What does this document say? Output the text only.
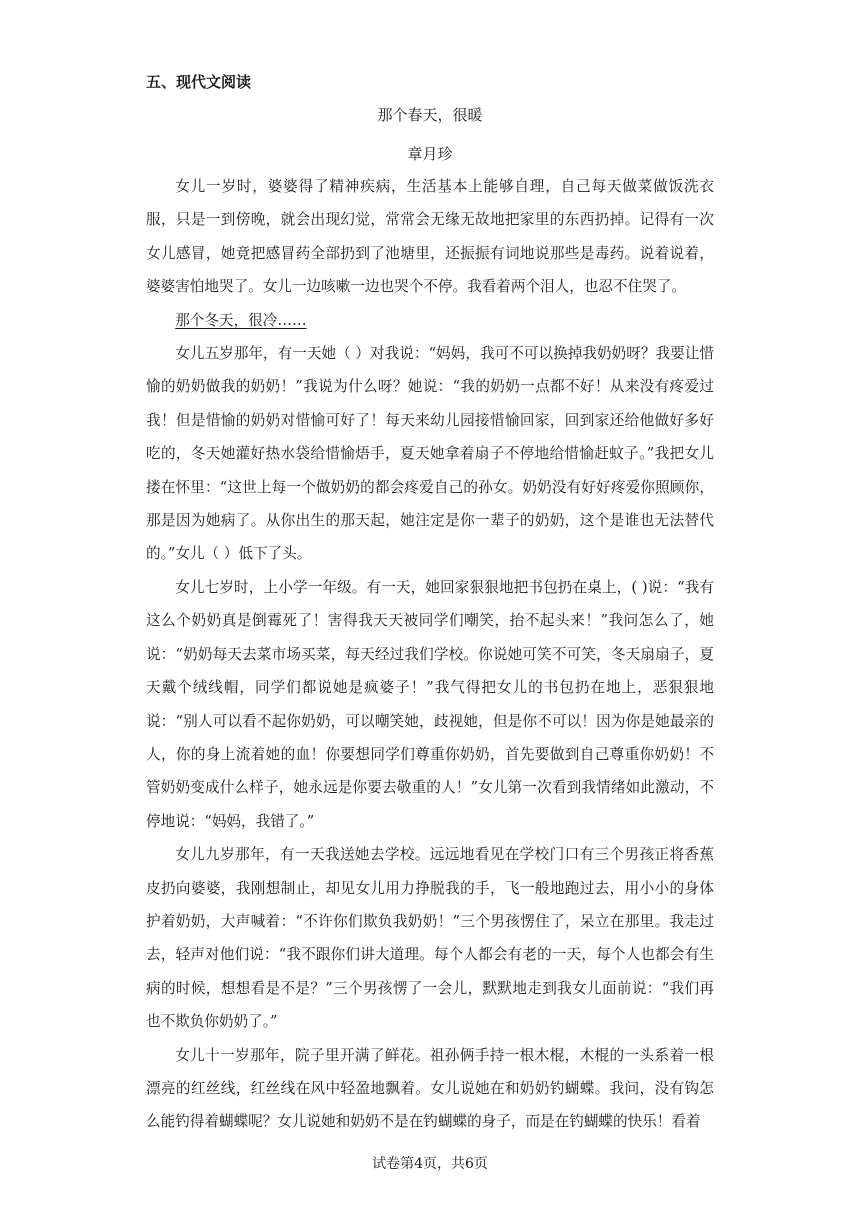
五、现代文阅读
那个春天，很暖
章月珍

女儿一岁时，婆婆得了精神疾病，生活基本上能够自理，自己每天做菜做饭洗衣服，只是一到傍晚，就会出现幻觉，常常会无缘无故地把家里的东西扔掉。记得有一次女儿感冒，她竟把感冒药全部扔到了池塘里，还振振有词地说那些是毒药。说着说着，婆婆害怕地哭了。女儿一边咳嗽一边也哭个不停。我看着两个泪人，也忍不住哭了。

那个冬天，很冷……

女儿五岁那年，有一天她（ ）对我说：“妈妈，我可不可以换掉我奶奶呀？我要让惜愉的奶奶做我的奶奶！”我说为什么呀？她说：“我的奶奶一点都不好！从来没有疼爱过我！但是惜愉的奶奶对惜愉可好了！每天来幼儿园接惜愉回家，回到家还给他做好多好吃的，冬天她灌好热水袋给惜愉焐手，夏天她拿着扇子不停地给惜愉赶蚊子。”我把女儿搂在怀里：“这世上每一个做奶奶的都会疼爱自己的孙女。奶奶没有好好疼爱你照顾你，那是因为她病了。从你出生的那天起，她注定是你一辈子的奶奶，这个是谁也无法替代的。”女儿（ ）低下了头。

女儿七岁时，上小学一年级。有一天，她回家狠狠地把书包扔在桌上，( )说：“我有这么个奶奶真是倒霉死了！害得我天天被同学们嘲笑，抬不起头来！”我问怎么了，她说：“奶奶每天去菜市场买菜，每天经过我们学校。你说她可笑不可笑，冬天扇扇子，夏天戴个绒线帽，同学们都说她是疯婆子！”我气得把女儿的书包扔在地上，恶狠狠地说：“别人可以看不起你奶奶，可以嘲笑她，歧视她，但是你不可以！因为你是她最亲的人，你的身上流着她的血！你要想同学们尊重你奶奶，首先要做到自己尊重你奶奶！不管奶奶变成什么样子，她永远是你要去敬重的人！”女儿第一次看到我情绪如此激动，不停地说：“妈妈，我错了。”

女儿九岁那年，有一天我送她去学校。远远地看见在学校门口有三个男孩正将香蕉皮扔向婆婆，我刚想制止，却见女儿用力挣脱我的手，飞一般地跑过去，用小小的身体护着奶奶，大声喊着：“不许你们欺负我奶奶！”三个男孩愣住了，呆立在那里。我走过去，轻声对他们说：“我不跟你们讲大道理。每个人都会有老的一天，每个人也都会有生病的时候，想想看是不是？”三个男孩愣了一会儿，默默地走到我女儿面前说：“我们再也不欺负你奶奶了。”

女儿十一岁那年，院子里开满了鲜花。祖孙俩手持一根木棍，木棍的一头系着一根漂亮的红丝线，红丝线在风中轻盈地飘着。女儿说她在和奶奶钓蝴蝶。我问，没有钩怎么能钓得着蝴蝶呢？女儿说她和奶奶不是在钓蝴蝶的身子，而是在钓蝴蝶的快乐！看着

试卷第4页，共6页
